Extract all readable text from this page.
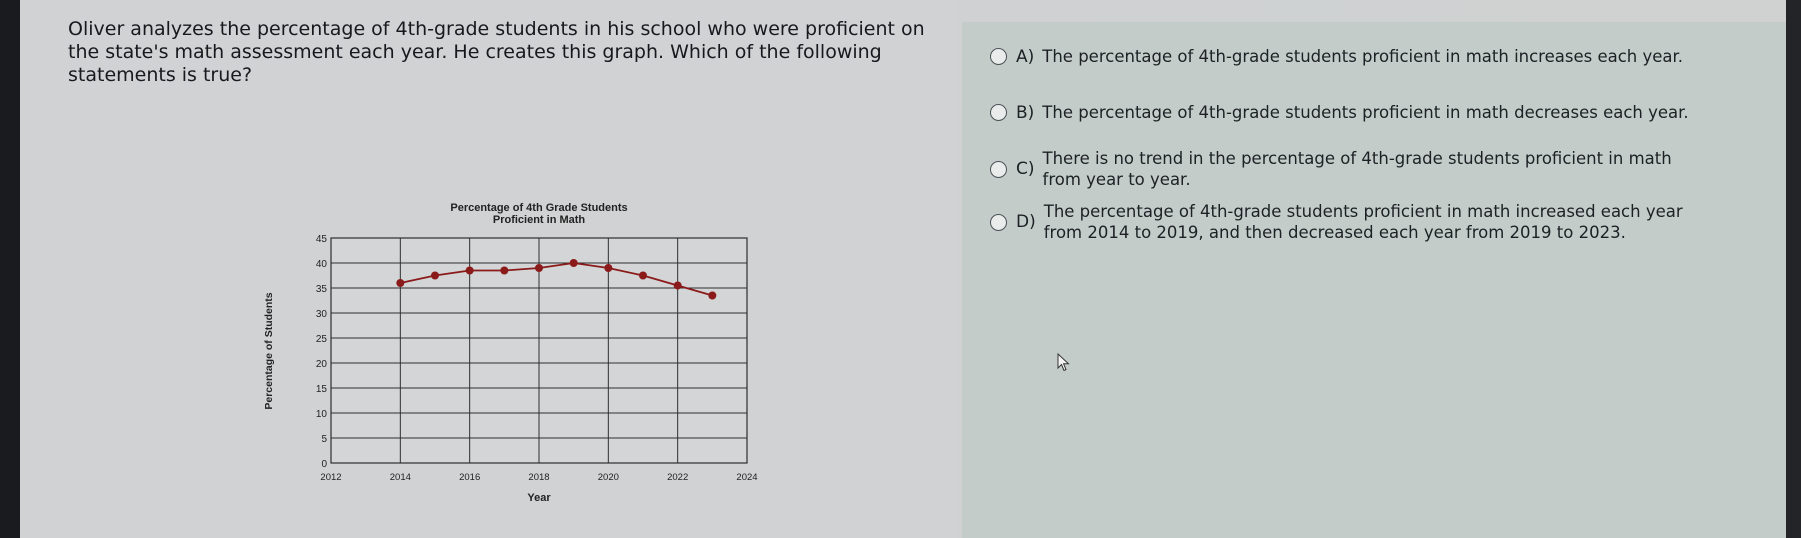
Oliver analyzes the percentage of 4th-grade students in his school who were proficient on the state's math assessment each year. He creates this graph. Which of the following statements is true?

Percentage of 4th Grade Students
Proficient in Math
0
5
10
15
20
25
30
35
40
45
2012	2014	2016	2018	2020	2022	2024
Year
Percentage of Students
A) The percentage of 4th-grade students proficient in math increases each year.
B) The percentage of 4th-grade students proficient in math decreases each year.
C)
There is no trend in the percentage of 4th-grade students proficient in math
from year to year.
D)
The percentage of 4th-grade students proficient in math increased each year
from 2014 to 2019, and then decreased each year from 2019 to 2023.
